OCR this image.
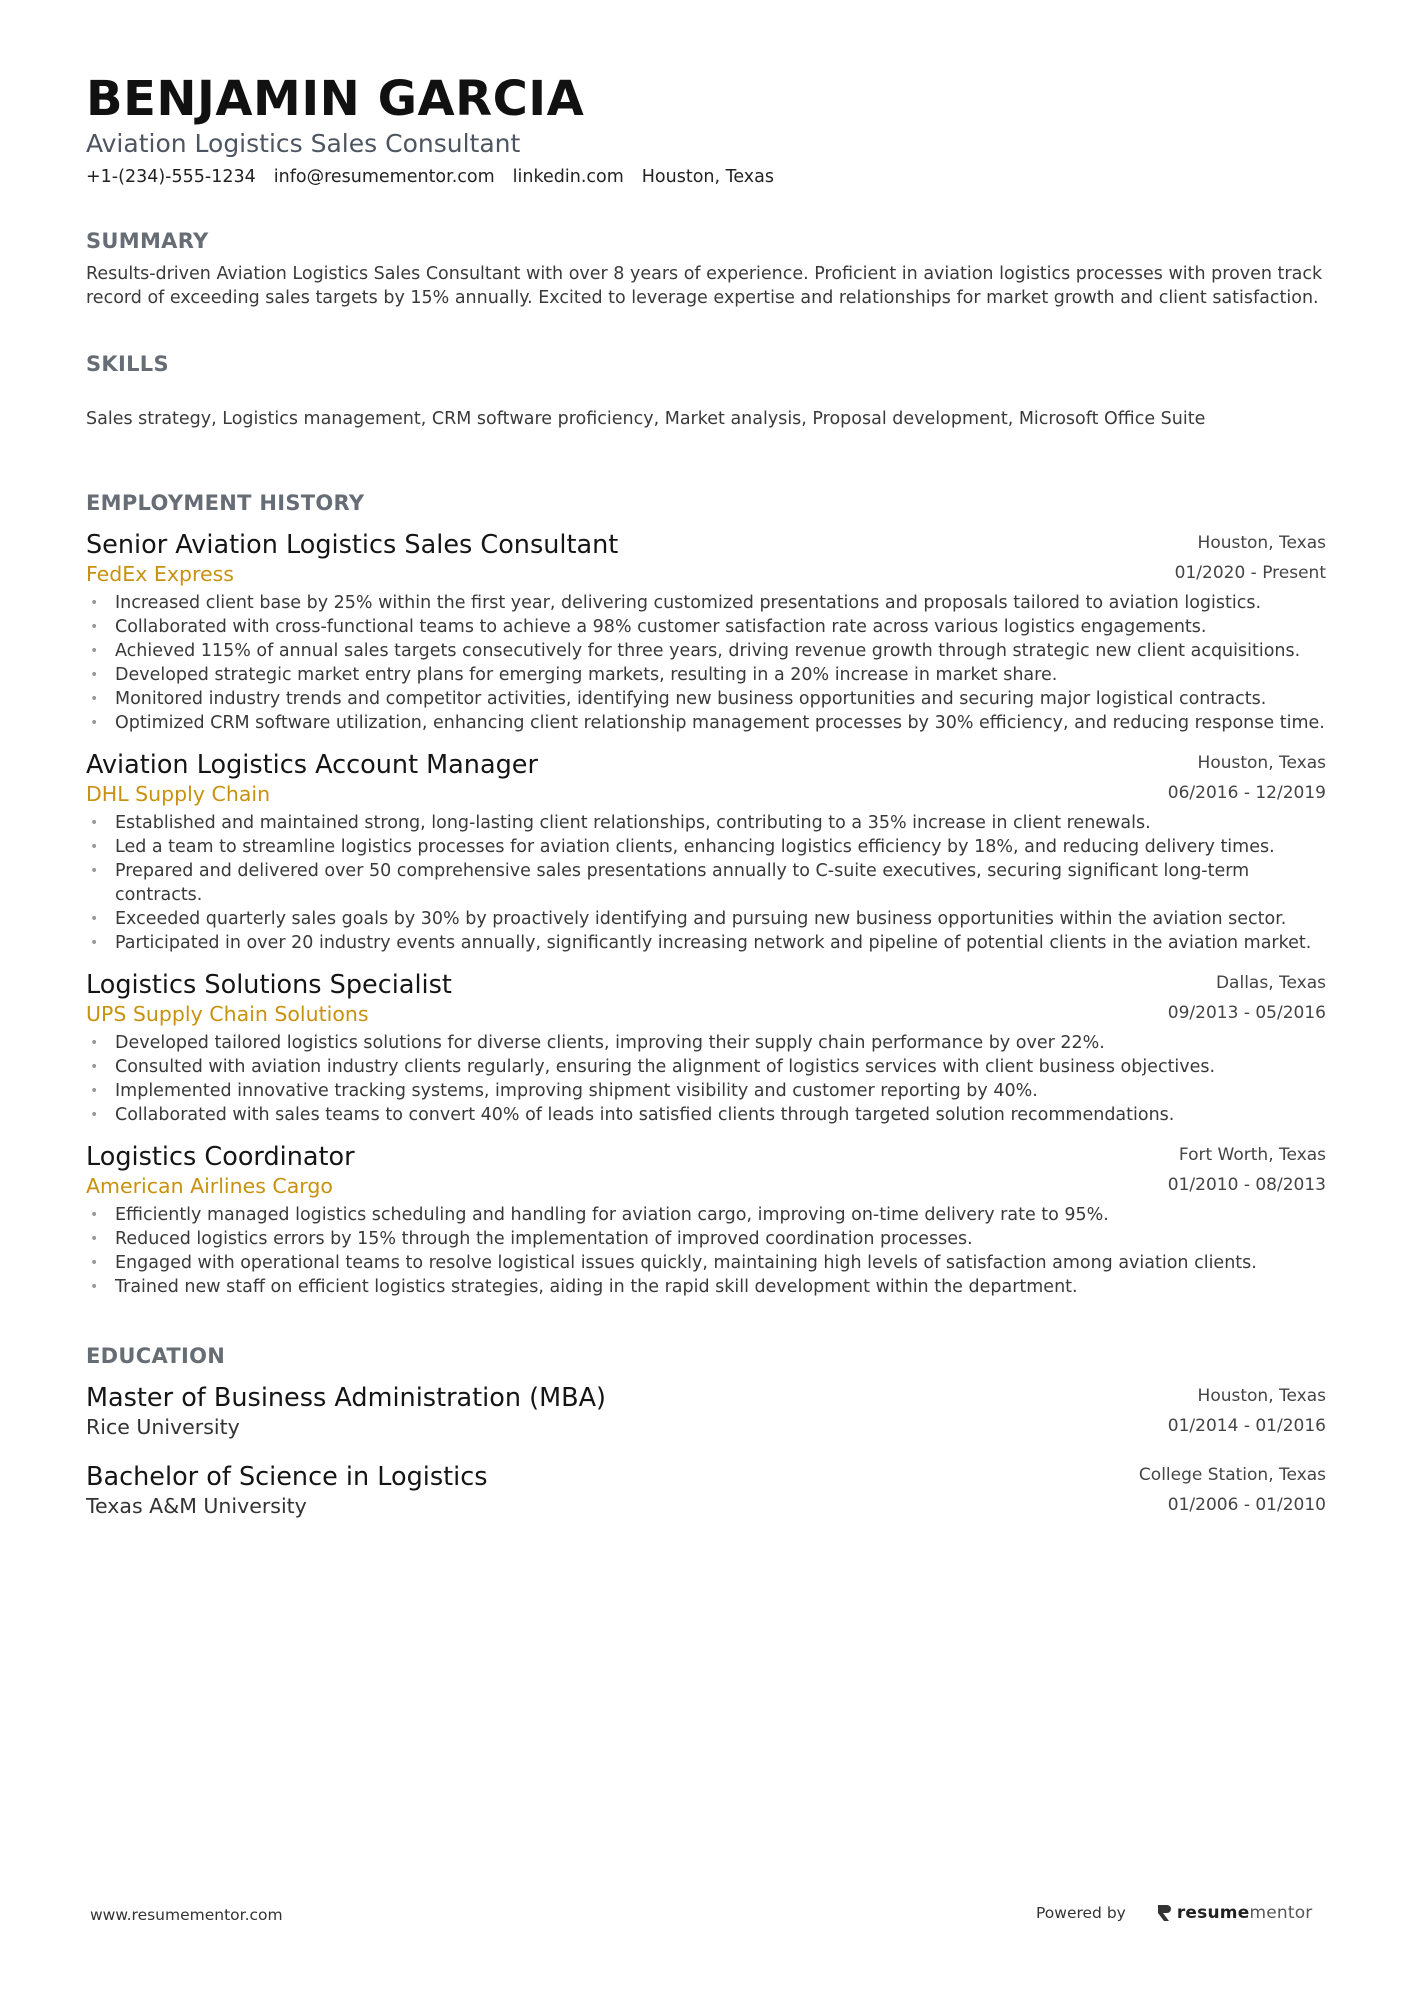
BENJAMIN GARCIA
Aviation Logistics Sales Consultant
+1-(234)-555-1234 info@resumementor.com linkedin.com Houston, Texas
SUMMARY
Results-driven Aviation Logistics Sales Consultant with over 8 years of experience. Proficient in aviation logistics processes with proven track record of exceeding sales targets by 15% annually. Excited to leverage expertise and relationships for market growth and client satisfaction.
SKILLS
Sales strategy, Logistics management, CRM software proficiency, Market analysis, Proposal development, Microsoft Office Suite
EMPLOYMENT HISTORY
Houston, Texas
01/2020 - Present
Senior Aviation Logistics Sales Consultant
FedEx Express
• Increased client base by 25% within the first year, delivering customized presentations and proposals tailored to aviation logistics.
• Collaborated with cross-functional teams to achieve a 98% customer satisfaction rate across various logistics engagements.
• Achieved 115% of annual sales targets consecutively for three years, driving revenue growth through strategic new client acquisitions.
• Developed strategic market entry plans for emerging markets, resulting in a 20% increase in market share.
• Monitored industry trends and competitor activities, identifying new business opportunities and securing major logistical contracts.
• Optimized CRM software utilization, enhancing client relationship management processes by 30% efficiency, and reducing response time.
Houston, Texas
06/2016 - 12/2019
Aviation Logistics Account Manager
DHL Supply Chain
• Established and maintained strong, long-lasting client relationships, contributing to a 35% increase in client renewals.
• Led a team to streamline logistics processes for aviation clients, enhancing logistics efficiency by 18%, and reducing delivery times.
• Prepared and delivered over 50 comprehensive sales presentations annually to C-suite executives, securing significant long-term contracts.
• Exceeded quarterly sales goals by 30% by proactively identifying and pursuing new business opportunities within the aviation sector.
• Participated in over 20 industry events annually, significantly increasing network and pipeline of potential clients in the aviation market.
Dallas, Texas
09/2013 - 05/2016
Logistics Solutions Specialist
UPS Supply Chain Solutions
• Developed tailored logistics solutions for diverse clients, improving their supply chain performance by over 22%.
• Consulted with aviation industry clients regularly, ensuring the alignment of logistics services with client business objectives.
• Implemented innovative tracking systems, improving shipment visibility and customer reporting by 40%.
• Collaborated with sales teams to convert 40% of leads into satisfied clients through targeted solution recommendations.
Fort Worth, Texas
01/2010 - 08/2013
Logistics Coordinator
American Airlines Cargo
• Efficiently managed logistics scheduling and handling for aviation cargo, improving on-time delivery rate to 95%.
• Reduced logistics errors by 15% through the implementation of improved coordination processes.
• Engaged with operational teams to resolve logistical issues quickly, maintaining high levels of satisfaction among aviation clients.
• Trained new staff on efficient logistics strategies, aiding in the rapid skill development within the department.
EDUCATION
Houston, Texas
01/2014 - 01/2016
Master of Business Administration (MBA)
Rice University
College Station, Texas
01/2006 - 01/2010
Bachelor of Science in Logistics
Texas A&M University
www.resumementor.com	Powered by	resumementor
